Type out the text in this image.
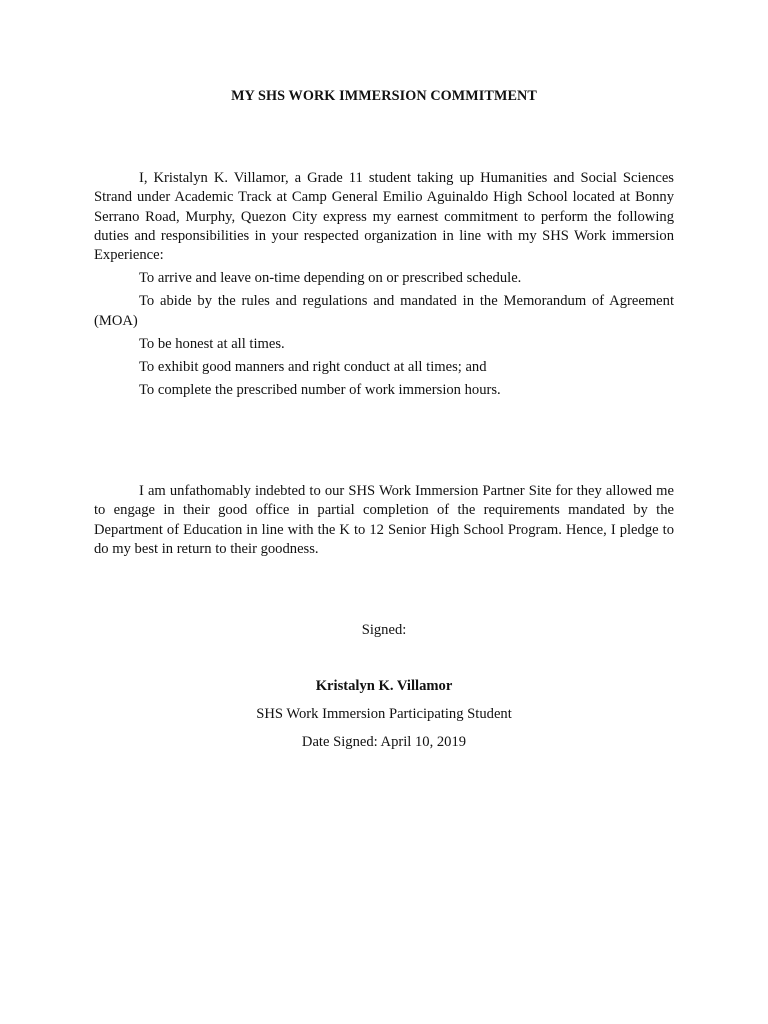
MY SHS WORK IMMERSION COMMITMENT

I, Kristalyn K. Villamor, a Grade 11 student taking up Humanities and Social Sciences Strand under Academic Track at Camp General Emilio Aguinaldo High School located at Bonny Serrano Road, Murphy, Quezon City express my earnest commitment to perform the following duties and responsibilities in your respected organization in line with my SHS Work immersion Experience:

To arrive and leave on-time depending on or prescribed schedule.

To abide by the rules and regulations and mandated in the Memorandum of Agreement (MOA)

To be honest at all times.

To exhibit good manners and right conduct at all times; and

To complete the prescribed number of work immersion hours.

I am unfathomably indebted to our SHS Work Immersion Partner Site for they allowed me to engage in their good office in partial completion of the requirements mandated by the Department of Education in line with the K to 12 Senior High School Program. Hence, I pledge to do my best in return to their goodness.

Signed:
Kristalyn K. Villamor
SHS Work Immersion Participating Student
Date Signed: April 10, 2019
